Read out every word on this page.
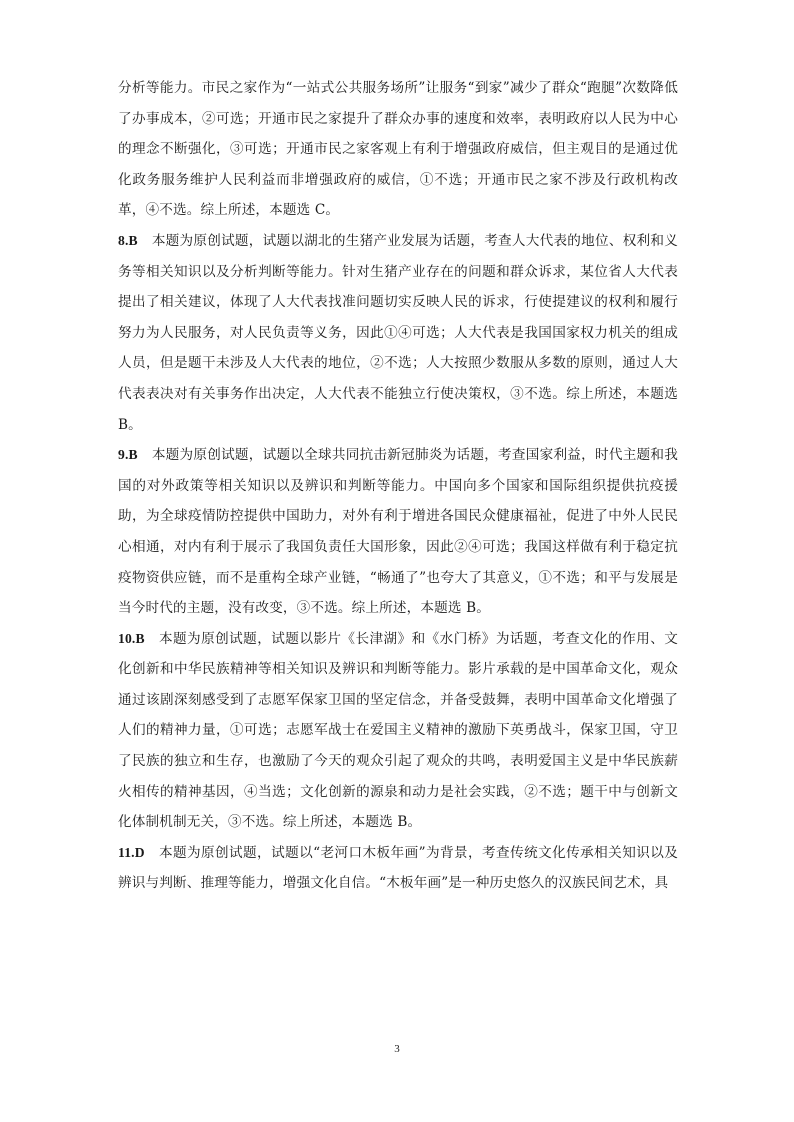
分析等能力。市民之家作为“一站式公共服务场所”让服务“到家”减少了群众“跑腿”次数降低了办事成本，②可选；开通市民之家提升了群众办事的速度和效率，表明政府以人民为中心的理念不断强化，③可选；开通市民之家客观上有利于增强政府威信，但主观目的是通过优化政务服务维护人民利益而非增强政府的威信，①不选；开通市民之家不涉及行政机构改革，④不选。综上所述，本题选 C。

8.B 本题为原创试题，试题以湖北的生猪产业发展为话题，考查人大代表的地位、权利和义务等相关知识以及分析判断等能力。针对生猪产业存在的问题和群众诉求，某位省人大代表提出了相关建议，体现了人大代表找准问题切实反映人民的诉求，行使提建议的权利和履行努力为人民服务，对人民负责等义务，因此①④可选；人大代表是我国国家权力机关的组成人员，但是题干未涉及人大代表的地位，②不选；人大按照少数服从多数的原则，通过人大代表表决对有关事务作出决定，人大代表不能独立行使决策权，③不选。综上所述，本题选 B。

9.B 本题为原创试题，试题以全球共同抗击新冠肺炎为话题，考查国家利益，时代主题和我国的对外政策等相关知识以及辨识和判断等能力。中国向多个国家和国际组织提供抗疫援助，为全球疫情防控提供中国助力，对外有利于增进各国民众健康福祉，促进了中外人民民心相通，对内有利于展示了我国负责任大国形象，因此②④可选；我国这样做有利于稳定抗疫物资供应链，而不是重构全球产业链，“畅通了”也夸大了其意义，①不选；和平与发展是当今时代的主题，没有改变，③不选。综上所述，本题选 B。

10.B 本题为原创试题，试题以影片《长津湖》和《水门桥》为话题，考查文化的作用、文化创新和中华民族精神等相关知识及辨识和判断等能力。影片承载的是中国革命文化，观众通过该剧深刻感受到了志愿军保家卫国的坚定信念，并备受鼓舞，表明中国革命文化增强了人们的精神力量，①可选；志愿军战士在爱国主义精神的激励下英勇战斗，保家卫国，守卫了民族的独立和生存，也激励了今天的观众引起了观众的共鸣，表明爱国主义是中华民族薪火相传的精神基因，④当选；文化创新的源泉和动力是社会实践，②不选；题干中与创新文化体制机制无关，③不选。综上所述，本题选 B。

11.D 本题为原创试题，试题以“老河口木板年画”为背景，考查传统文化传承相关知识以及辨识与判断、推理等能力，增强文化自信。“木板年画”是一种历史悠久的汉族民间艺术，具

3
